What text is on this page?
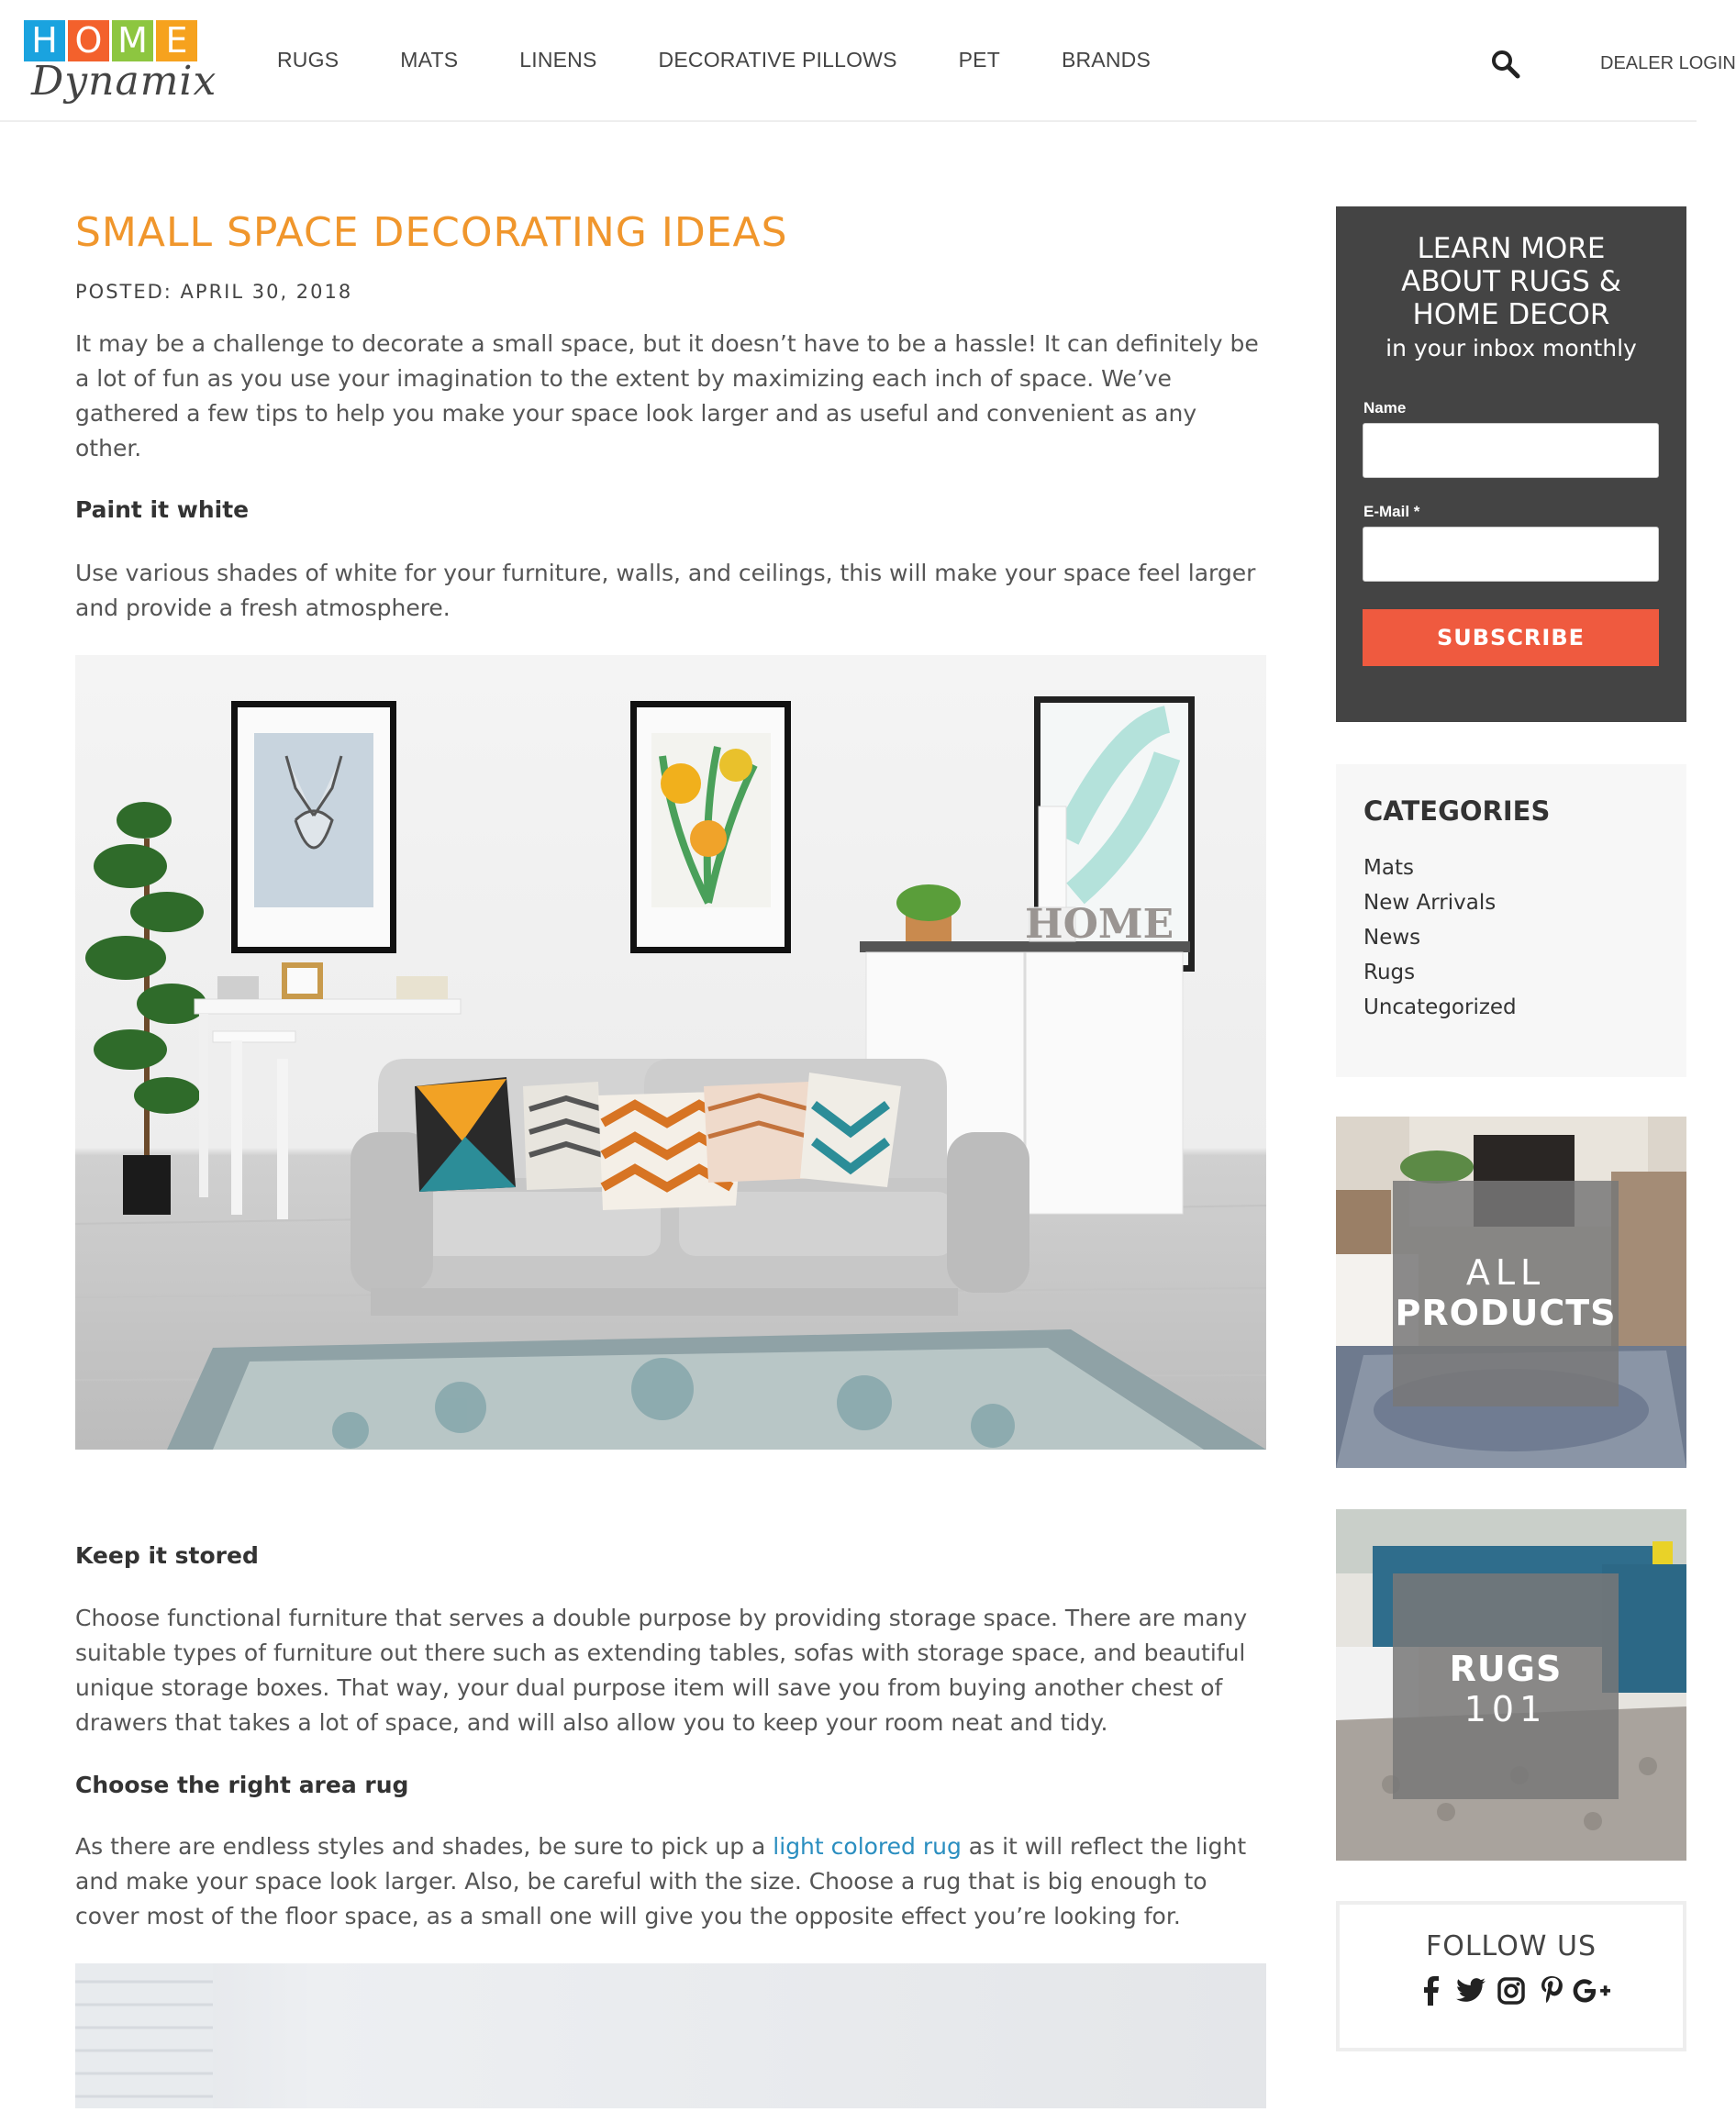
H O M E
Dynamix	RUGS	MATS	LINENS	DECORATIVE PILLOWS	PET	BRANDS	DEALER LOGIN
SMALL SPACE DECORATING IDEAS
POSTED: APRIL 30, 2018

It may be a challenge to decorate a small space, but it doesn’t have to be a hassle! It can definitely be a lot of fun as you use your imagination to the extent by maximizing each inch of space. We’ve gathered a few tips to help you make your space look larger and as useful and convenient as any other.

Paint it white

Use various shades of white for your furniture, walls, and ceilings, this will make your space feel larger and provide a fresh atmosphere.

HOME
Keep it stored

Choose functional furniture that serves a double purpose by providing storage space. There are many suitable types of furniture out there such as extending tables, sofas with storage space, and beautiful unique storage boxes. That way, your dual purpose item will save you from buying another chest of drawers that takes a lot of space, and will also allow you to keep your room neat and tidy.

Choose the right area rug

As there are endless styles and shades, be sure to pick up a light colored rug as it will reflect the light and make your space look larger. Also, be careful with the size. Choose a rug that is big enough to cover most of the floor space, as a small one will give you the opposite effect you’re looking for.

LEARN MORE ABOUT RUGS & HOME DECOR
in your inbox monthly
Name
E-Mail *
SUBSCRIBE
CATEGORIES
Mats
New Arrivals
News
Rugs
Uncategorized
ALL
PRODUCTS
RUGS
101
FOLLOW US
